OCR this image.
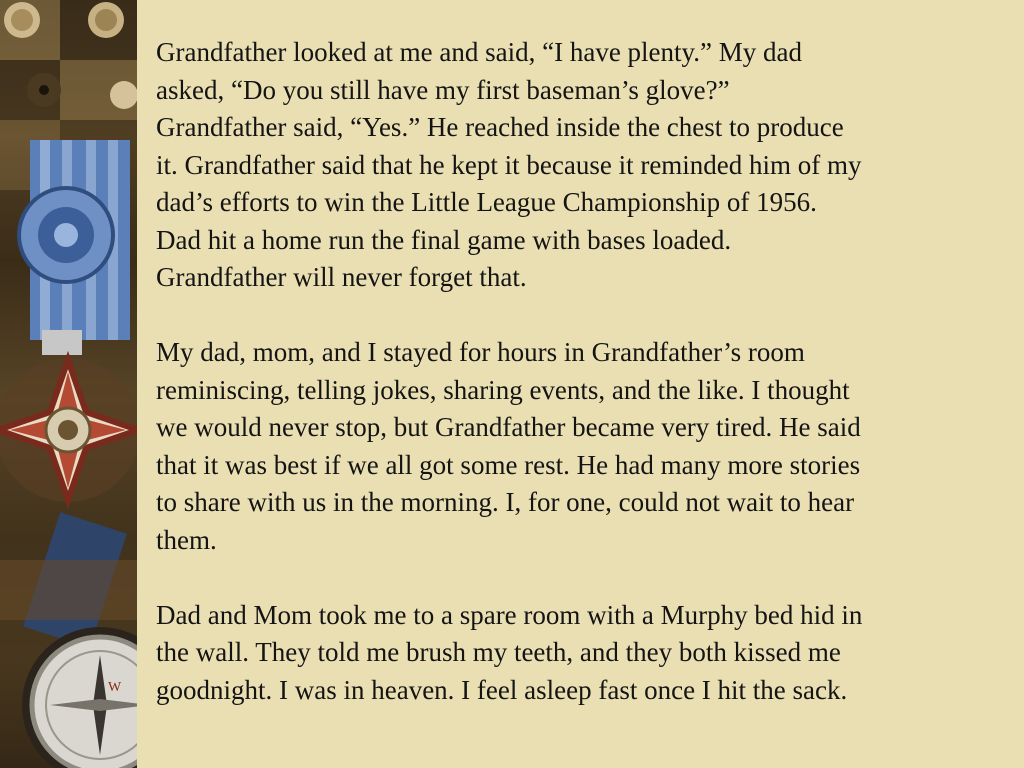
W

Grandfather looked at me and said, “I have plenty.” My dad
asked, “Do you still have my first baseman’s glove?”
Grandfather said, “Yes.” He reached inside the chest to produce
it. Grandfather said that he kept it because it reminded him of my
dad’s efforts to win the Little League Championship of 1956.
Dad hit a home run the final game with bases loaded.
Grandfather will never forget that.

My dad, mom, and I stayed for hours in Grandfather’s room
reminiscing, telling jokes, sharing events, and the like. I thought
we would never stop, but Grandfather became very tired. He said
that it was best if we all got some rest. He had many more stories
to share with us in the morning. I, for one, could not wait to hear
them.

Dad and Mom took me to a spare room with a Murphy bed hid in
the wall. They told me brush my teeth, and they both kissed me
goodnight. I was in heaven. I feel asleep fast once I hit the sack.
